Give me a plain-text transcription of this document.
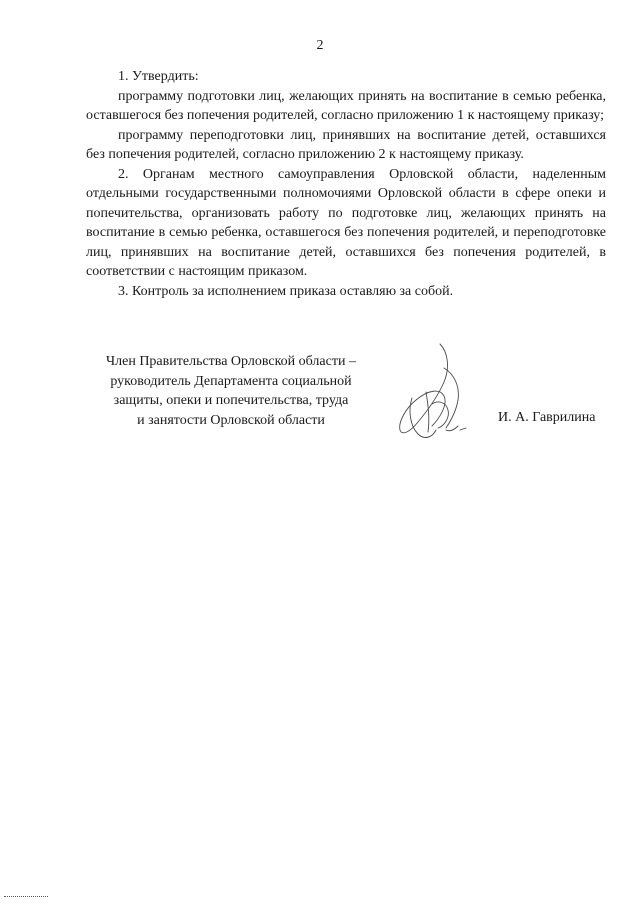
2

1. Утвердить:

программу подготовки лиц, желающих принять на воспитание в семью ребенка, оставшегося без попечения родителей, согласно приложению 1 к настоящему приказу;

программу переподготовки лиц, принявших на воспитание детей, оставшихся без попечения родителей, согласно приложению 2 к настоящему приказу.

2. Органам местного самоуправления Орловской области, наделенным отдельными государственными полномочиями Орловской области в сфере опеки и попечительства, организовать работу по подготовке лиц, желающих принять на воспитание в семью ребенка, оставшегося без попечения родителей, и переподготовке лиц, принявших на воспитание детей, оставшихся без попечения родителей, в соответствии с настоящим приказом.

3. Контроль за исполнением приказа оставляю за собой.

Член Правительства Орловской области –
руководитель Департамента социальной
защиты, опеки и попечительства, труда
и занятости Орловской области	И. А. Гаврилина
